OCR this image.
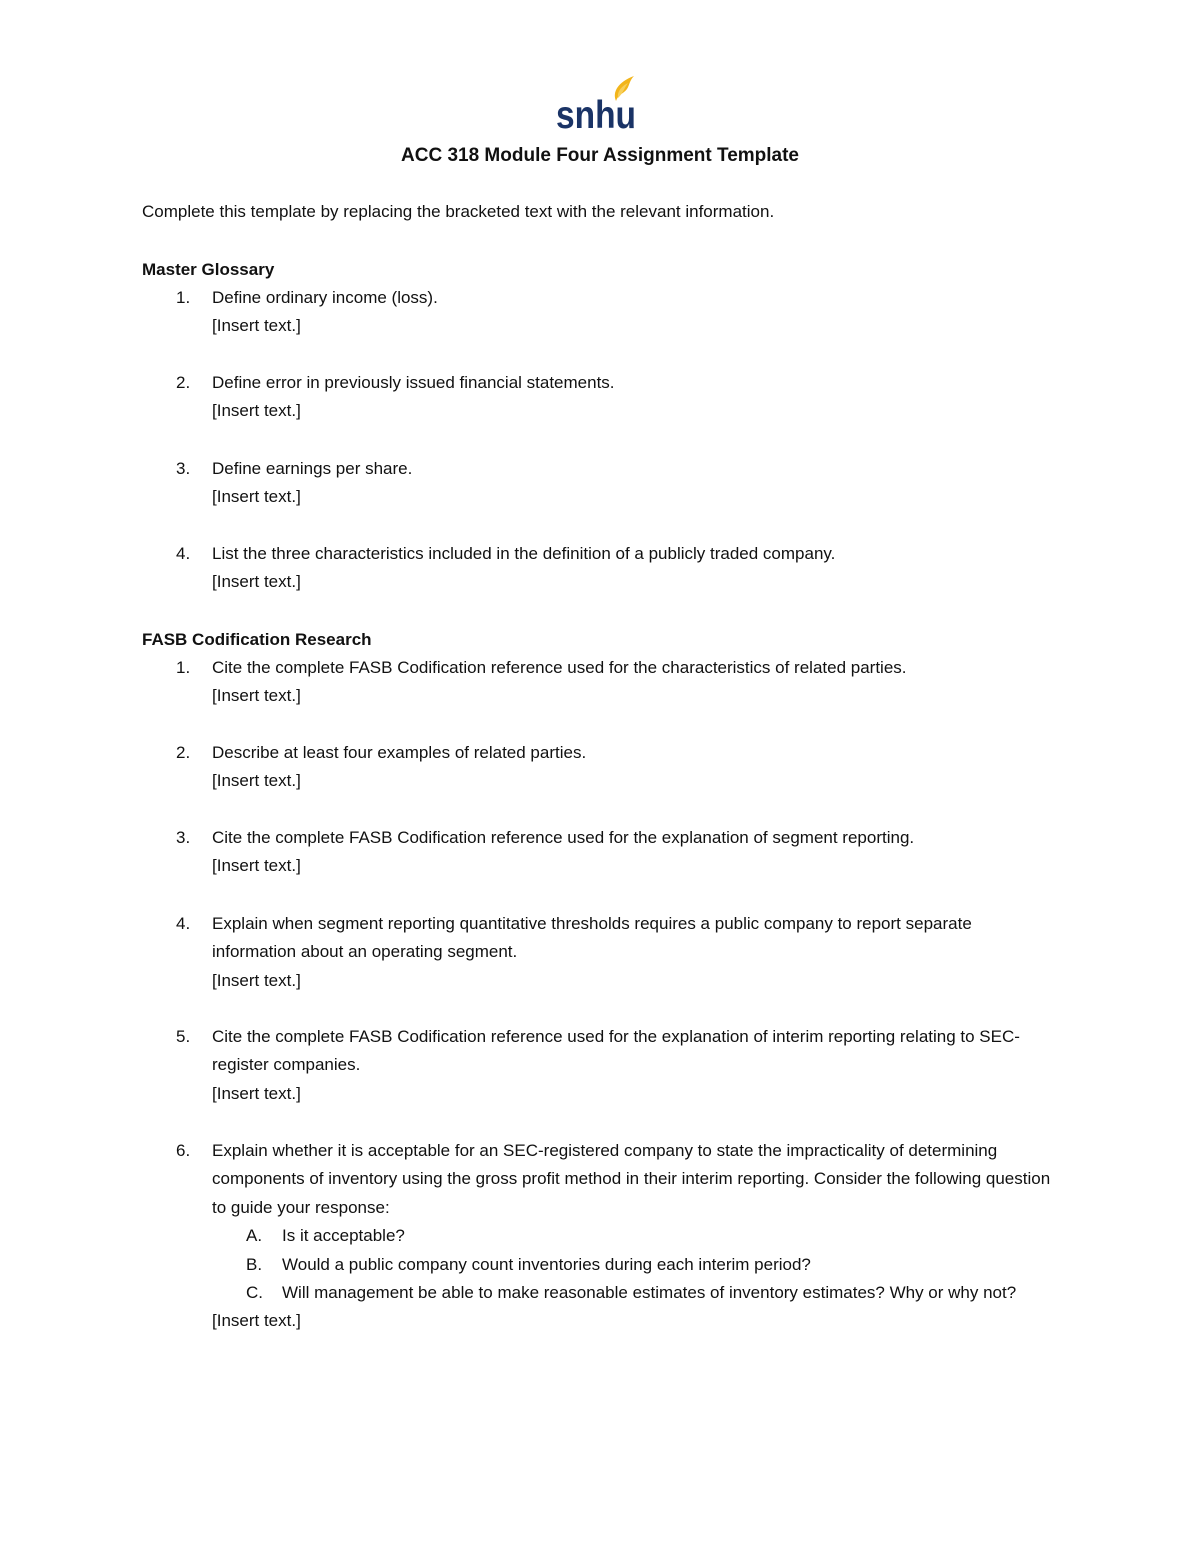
snhu
ACC 318 Module Four Assignment Template
Complete this template by replacing the bracketed text with the relevant information.
Master Glossary
1.	Define ordinary income (loss).
[Insert text.]
2.	Define error in previously issued financial statements.
[Insert text.]
3.	Define earnings per share.
[Insert text.]
4.	List the three characteristics included in the definition of a publicly traded company.
[Insert text.]
FASB Codification Research
1.	Cite the complete FASB Codification reference used for the characteristics of related parties.
[Insert text.]
2.	Describe at least four examples of related parties.
[Insert text.]
3.	Cite the complete FASB Codification reference used for the explanation of segment reporting.
[Insert text.]
4.	Explain when segment reporting quantitative thresholds requires a public company to report separate information about an operating segment.
[Insert text.]
5.	Cite the complete FASB Codification reference used for the explanation of interim reporting relating to SEC-register companies.
[Insert text.]
6.	Explain whether it is acceptable for an SEC-registered company to state the impracticality of determining components of inventory using the gross profit method in their interim reporting. Consider the following question to guide your response:
A. Is it acceptable?
B. Would a public company count inventories during each interim period?
C. Will management be able to make reasonable estimates of inventory estimates? Why or why not?
[Insert text.]
